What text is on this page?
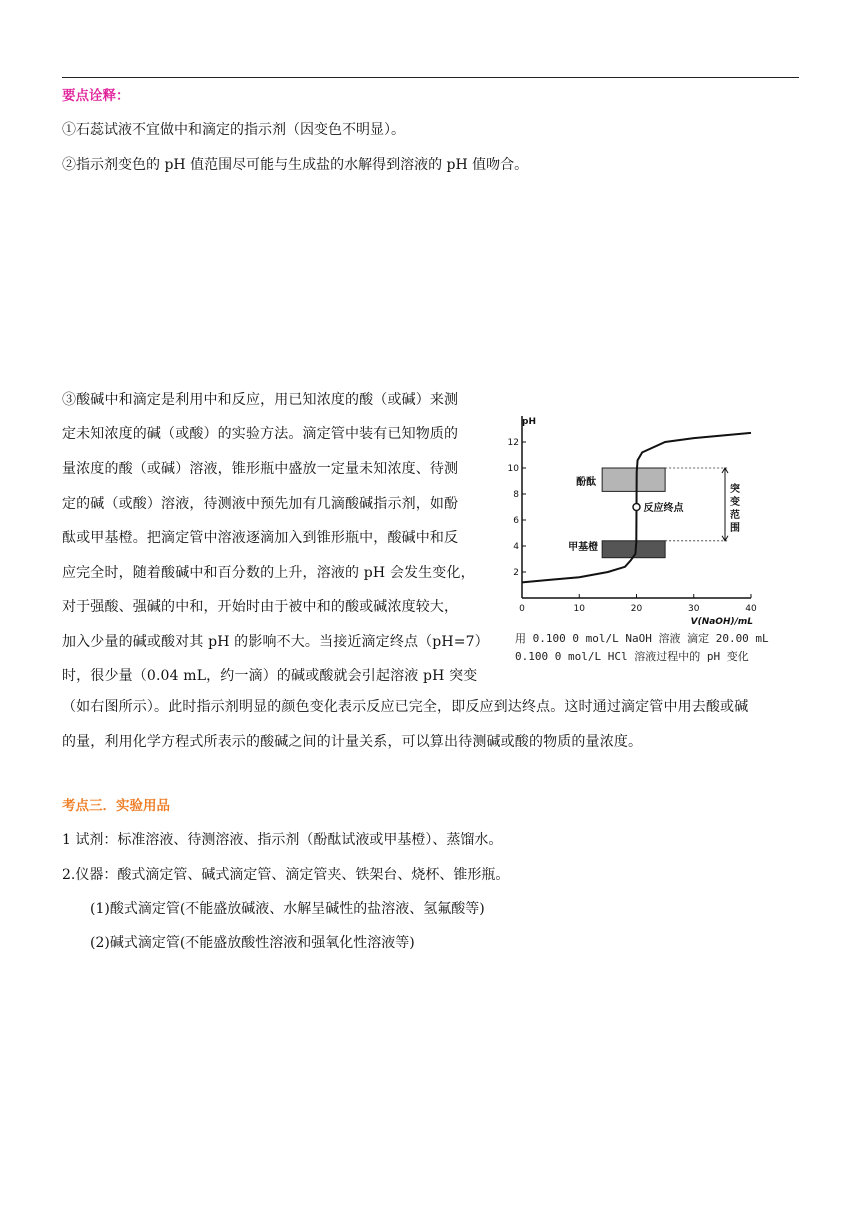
要点诠释：
①石蕊试液不宜做中和滴定的指示剂（因变色不明显）。
②指示剂变色的 pH 值范围尽可能与生成盐的水解得到溶液的 pH 值吻合。
③酸碱中和滴定是利用中和反应，用已知浓度的酸（或碱）来测
定未知浓度的碱（或酸）的实验方法。滴定管中装有已知物质的
量浓度的酸（或碱）溶液，锥形瓶中盛放一定量未知浓度、待测
定的碱（或酸）溶液，待测液中预先加有几滴酸碱指示剂，如酚
酞或甲基橙。把滴定管中溶液逐滴加入到锥形瓶中，酸碱中和反
应完全时，随着酸碱中和百分数的上升，溶液的 pH 会发生变化，
对于强酸、强碱的中和，开始时由于被中和的酸或碱浓度较大，
加入少量的碱或酸对其 pH 的影响不大。当接近滴定终点（pH=7）
时，很少量（0.04 mL，约一滴）的碱或酸就会引起溶液 pH 突变
（如右图所示）。此时指示剂明显的颜色变化表示反应已完全，即反应到达终点。这时通过滴定管中用去酸或碱
的量，利用化学方程式所表示的酸碱之间的计量关系，可以算出待测碱或酸的物质的量浓度。
pH
2
4
6
8
10
12
0	10	20	30	40
V(NaOH)/mL
酚酞
甲基橙
突
变
范
围
反应终点
用 0.100 0 mol/L NaOH 溶液 滴定 20.00 mL
0.100 0 mol/L HCl 溶液过程中的 pH 变化
考点三．实验用品
1 试剂：标准溶液、待测溶液、指示剂（酚酞试液或甲基橙）、蒸馏水。
2.仪器：酸式滴定管、碱式滴定管、滴定管夹、铁架台、烧杯、锥形瓶。
(1)酸式滴定管(不能盛放碱液、水解呈碱性的盐溶液、氢氟酸等)
(2)碱式滴定管(不能盛放酸性溶液和强氧化性溶液等)
